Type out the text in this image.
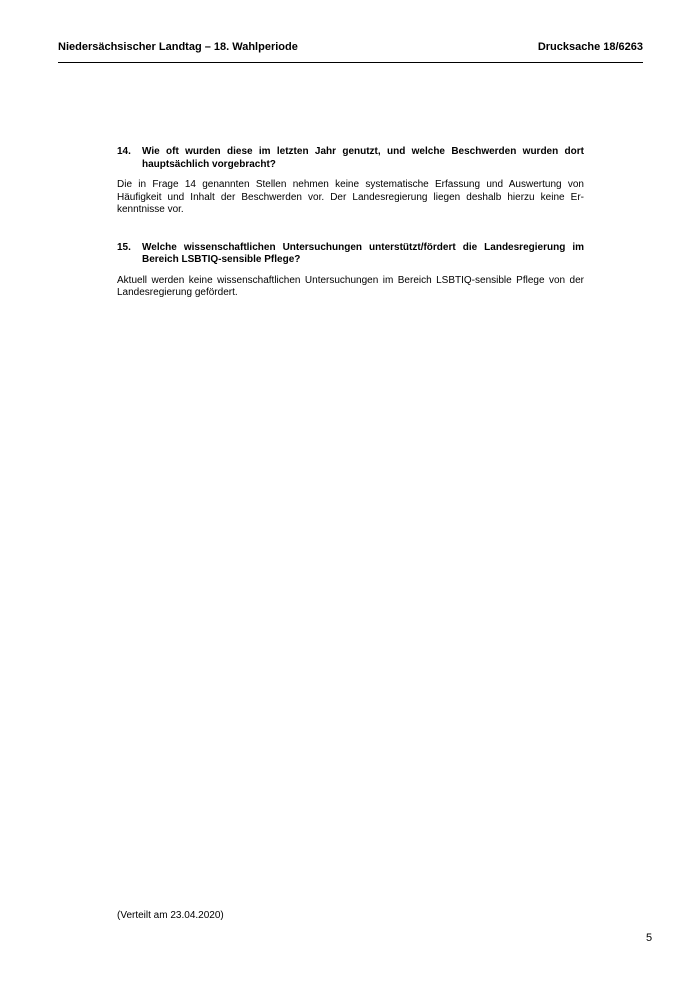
Niedersächsischer Landtag – 18. Wahlperiode	Drucksache 18/6263
14.	Wie oft wurden diese im letzten Jahr genutzt, und welche Beschwerden wurden dort hauptsächlich vorgebracht?
Die in Frage 14 genannten Stellen nehmen keine systematische Erfassung und Auswertung von Häufigkeit und Inhalt der Beschwerden vor. Der Landesregierung liegen deshalb hierzu keine Erkenntnisse vor.
15.	Welche wissenschaftlichen Untersuchungen unterstützt/fördert die Landesregierung im Bereich LSBTIQ-sensible Pflege?
Aktuell werden keine wissenschaftlichen Untersuchungen im Bereich LSBTIQ-sensible Pflege von der Landesregierung gefördert.
(Verteilt am 23.04.2020)
5
